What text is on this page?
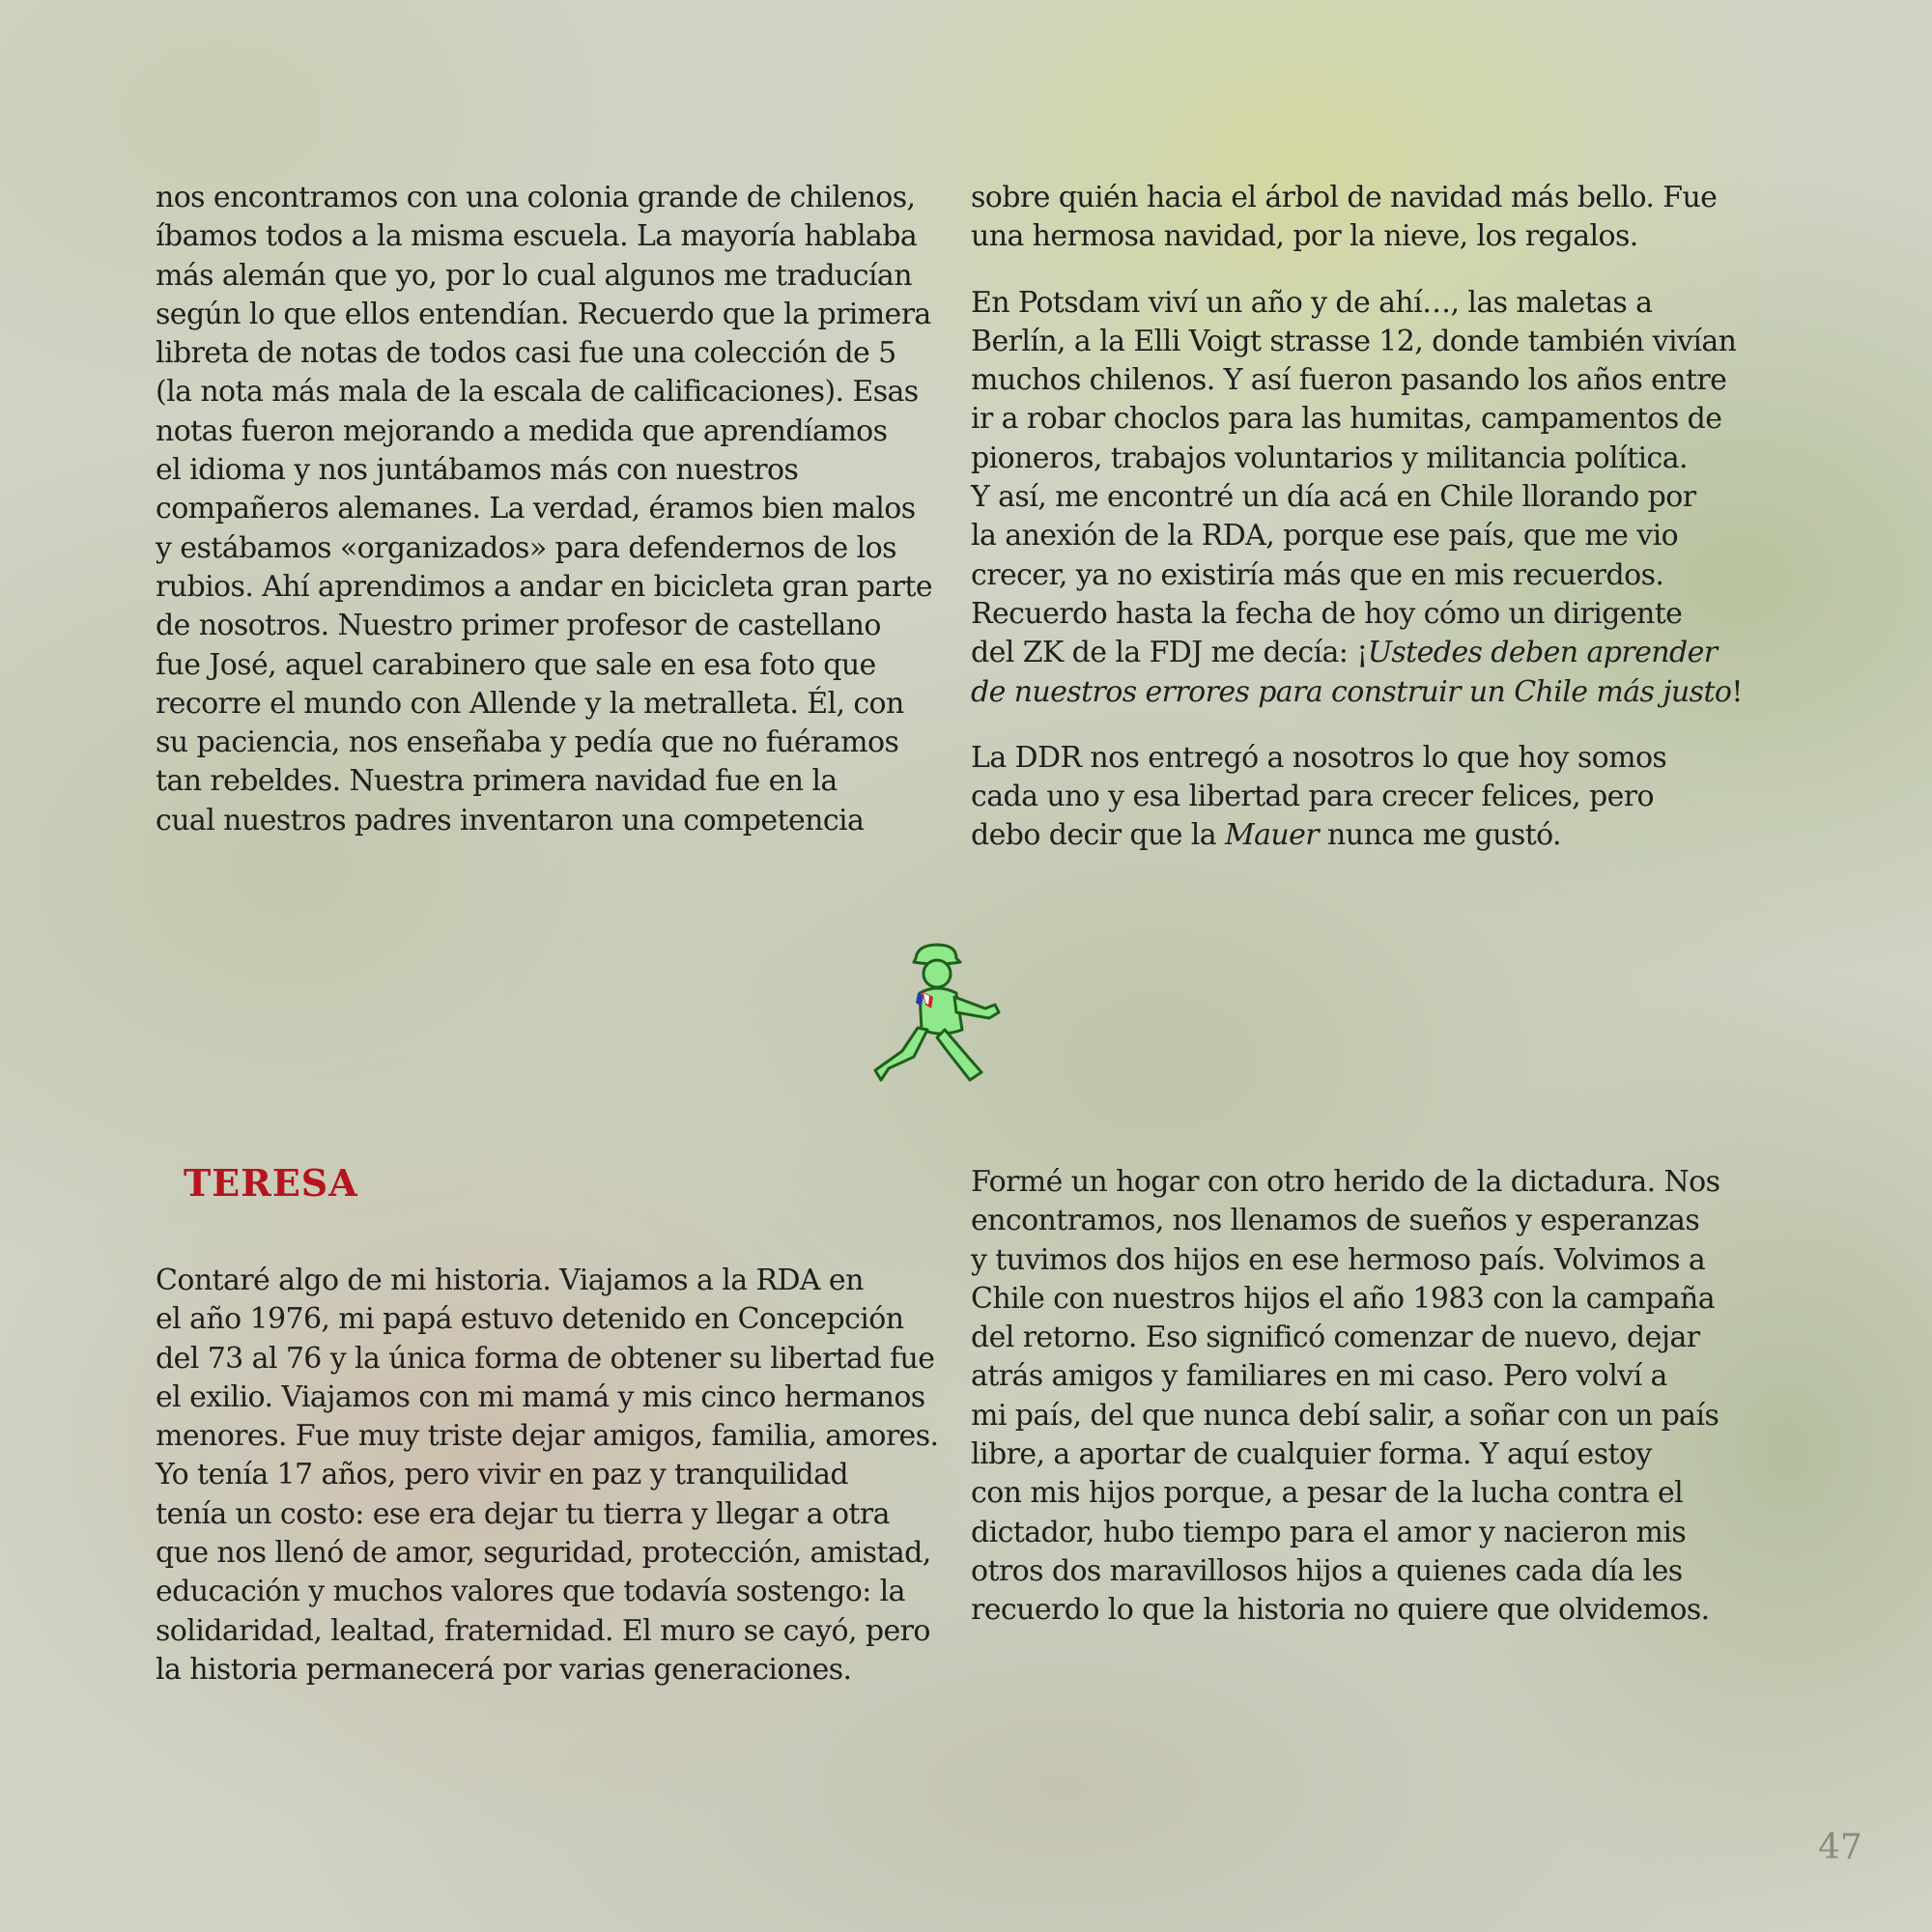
nos encontramos con una colonia grande de chilenos,
íbamos todos a la misma escuela. La mayoría hablaba
más alemán que yo, por lo cual algunos me traducían
según lo que ellos entendían. Recuerdo que la primera
libreta de notas de todos casi fue una colección de 5
(la nota más mala de la escala de calificaciones). Esas
notas fueron mejorando a medida que aprendíamos
el idioma y nos juntábamos más con nuestros
compañeros alemanes. La verdad, éramos bien malos
y estábamos «organizados» para defendernos de los
rubios. Ahí aprendimos a andar en bicicleta gran parte
de nosotros. Nuestro primer profesor de castellano
fue José, aquel carabinero que sale en esa foto que
recorre el mundo con Allende y la metralleta. Él, con
su paciencia, nos enseñaba y pedía que no fuéramos
tan rebeldes. Nuestra primera navidad fue en la
cual nuestros padres inventaron una competencia

sobre quién hacia el árbol de navidad más bello. Fue
una hermosa navidad, por la nieve, los regalos.

En Potsdam viví un año y de ahí…, las maletas a
Berlín, a la Elli Voigt strasse 12, donde también vivían
muchos chilenos. Y así fueron pasando los años entre
ir a robar choclos para las humitas, campamentos de
pioneros, trabajos voluntarios y militancia política.
Y así, me encontré un día acá en Chile llorando por
la anexión de la RDA, porque ese país, que me vio
crecer, ya no existiría más que en mis recuerdos.
Recuerdo hasta la fecha de hoy cómo un dirigente
del ZK de la FDJ me decía: ¡Ustedes deben aprender
de nuestros errores para construir un Chile más justo!

La DDR nos entregó a nosotros lo que hoy somos
cada uno y esa libertad para crecer felices, pero
debo decir que la Mauer nunca me gustó.

TERESA

Contaré algo de mi historia. Viajamos a la RDA en
el año 1976, mi papá estuvo detenido en Concepción
del 73 al 76 y la única forma de obtener su libertad fue
el exilio. Viajamos con mi mamá y mis cinco hermanos
menores. Fue muy triste dejar amigos, familia, amores.
Yo tenía 17 años, pero vivir en paz y tranquilidad
tenía un costo: ese era dejar tu tierra y llegar a otra
que nos llenó de amor, seguridad, protección, amistad,
educación y muchos valores que todavía sostengo: la
solidaridad, lealtad, fraternidad. El muro se cayó, pero
la historia permanecerá por varias generaciones.

Formé un hogar con otro herido de la dictadura. Nos
encontramos, nos llenamos de sueños y esperanzas
y tuvimos dos hijos en ese hermoso país. Volvimos a
Chile con nuestros hijos el año 1983 con la campaña
del retorno. Eso significó comenzar de nuevo, dejar
atrás amigos y familiares en mi caso. Pero volví a
mi país, del que nunca debí salir, a soñar con un país
libre, a aportar de cualquier forma. Y aquí estoy
con mis hijos porque, a pesar de la lucha contra el
dictador, hubo tiempo para el amor y nacieron mis
otros dos maravillosos hijos a quienes cada día les
recuerdo lo que la historia no quiere que olvidemos.

47
